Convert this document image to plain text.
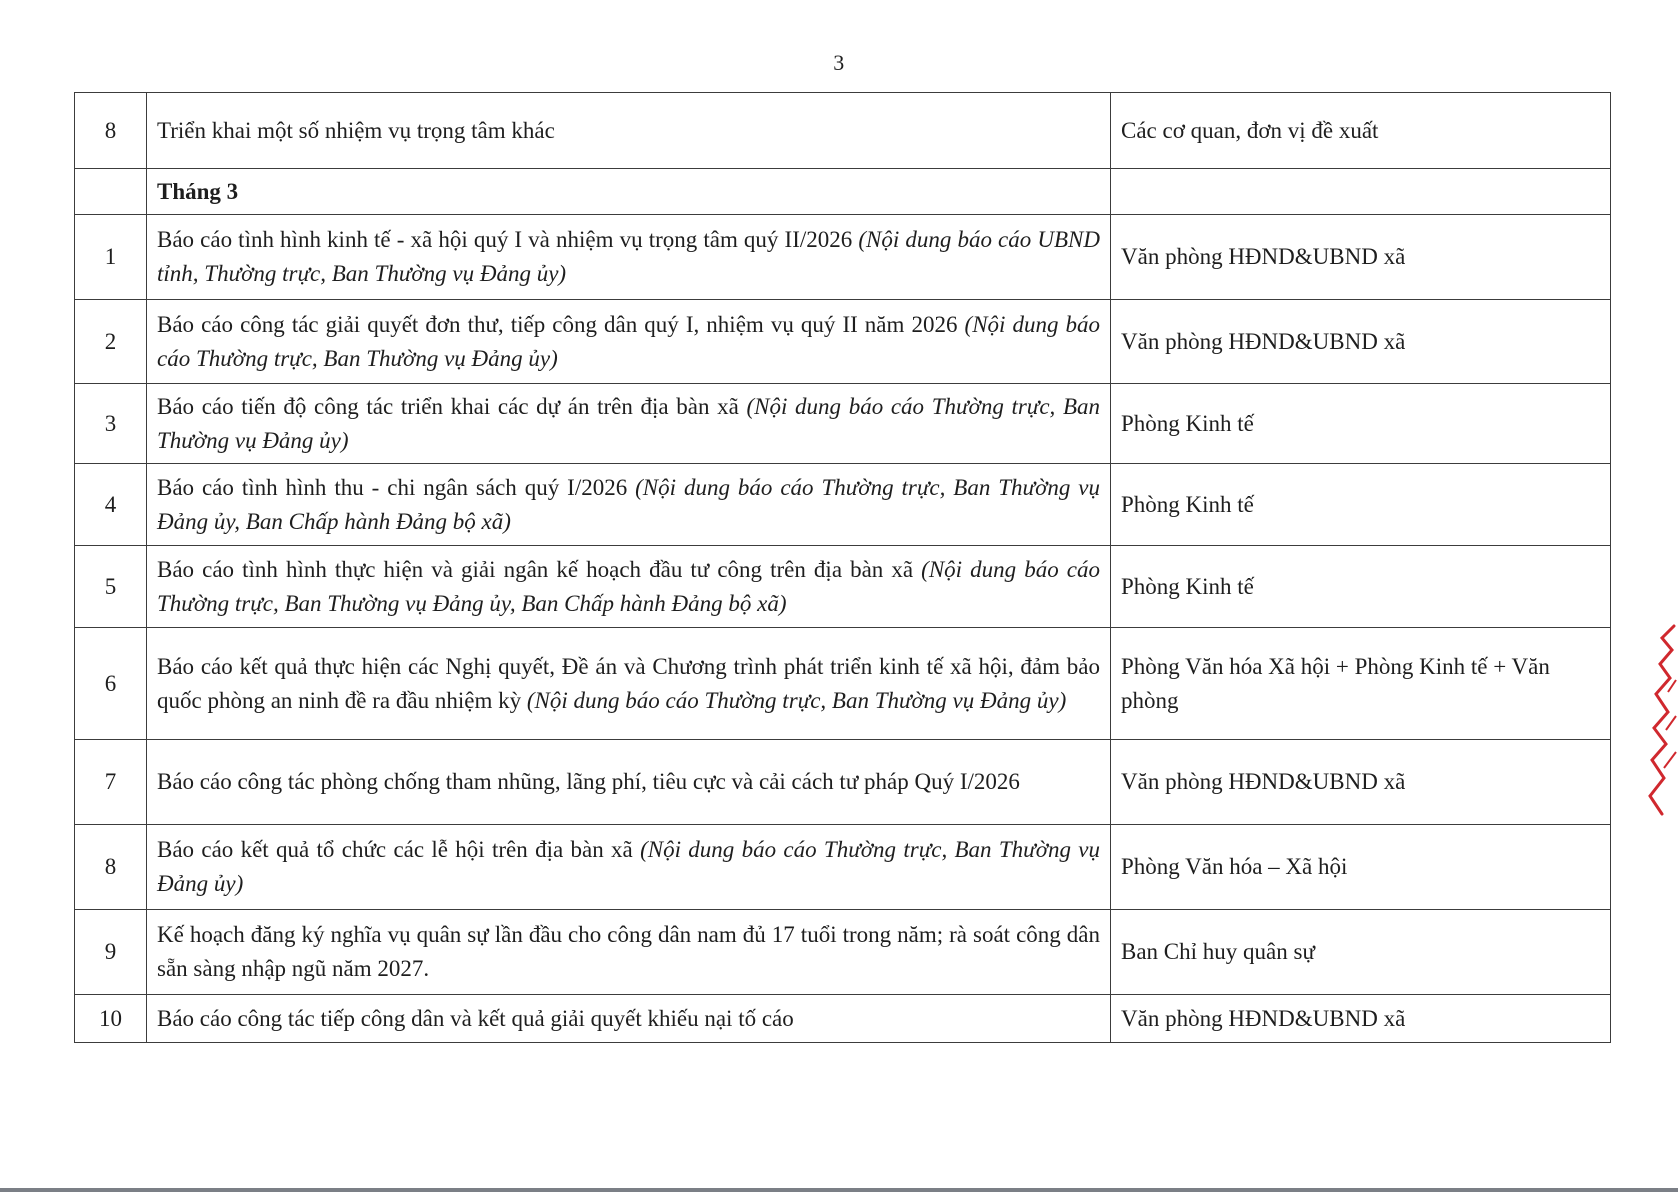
3
8	Triển khai một số nhiệm vụ trọng tâm khác	Các cơ quan, đơn vị đề xuất
	Tháng 3	
1	Báo cáo tình hình kinh tế - xã hội quý I và nhiệm vụ trọng tâm quý II/2026 (Nội dung báo cáo UBND tỉnh, Thường trực, Ban Thường vụ Đảng ủy)	Văn phòng HĐND&UBND xã
2	Báo cáo công tác giải quyết đơn thư, tiếp công dân quý I, nhiệm vụ quý II năm 2026 (Nội dung báo cáo Thường trực, Ban Thường vụ Đảng ủy)	Văn phòng HĐND&UBND xã
3	Báo cáo tiến độ công tác triển khai các dự án trên địa bàn xã (Nội dung báo cáo Thường trực, Ban Thường vụ Đảng ủy)	Phòng Kinh tế
4	Báo cáo tình hình thu - chi ngân sách quý I/2026 (Nội dung báo cáo Thường trực, Ban Thường vụ Đảng ủy, Ban Chấp hành Đảng bộ xã)	Phòng Kinh tế
5	Báo cáo tình hình thực hiện và giải ngân kế hoạch đầu tư công trên địa bàn xã (Nội dung báo cáo Thường trực, Ban Thường vụ Đảng ủy, Ban Chấp hành Đảng bộ xã)	Phòng Kinh tế
6	Báo cáo kết quả thực hiện các Nghị quyết, Đề án và Chương trình phát triển kinh tế xã hội, đảm bảo quốc phòng an ninh đề ra đầu nhiệm kỳ (Nội dung báo cáo Thường trực, Ban Thường vụ Đảng ủy)	Phòng Văn hóa Xã hội + Phòng Kinh tế + Văn phòng
7	Báo cáo công tác phòng chống tham nhũng, lãng phí, tiêu cực và cải cách tư pháp Quý I/2026	Văn phòng HĐND&UBND xã
8	Báo cáo kết quả tổ chức các lễ hội trên địa bàn xã (Nội dung báo cáo Thường trực, Ban Thường vụ Đảng ủy)	Phòng Văn hóa – Xã hội
9	Kế hoạch đăng ký nghĩa vụ quân sự lần đầu cho công dân nam đủ 17 tuổi trong năm; rà soát công dân sẵn sàng nhập ngũ năm 2027.	Ban Chỉ huy quân sự
10	Báo cáo công tác tiếp công dân và kết quả giải quyết khiếu nại tố cáo	Văn phòng HĐND&UBND xã
